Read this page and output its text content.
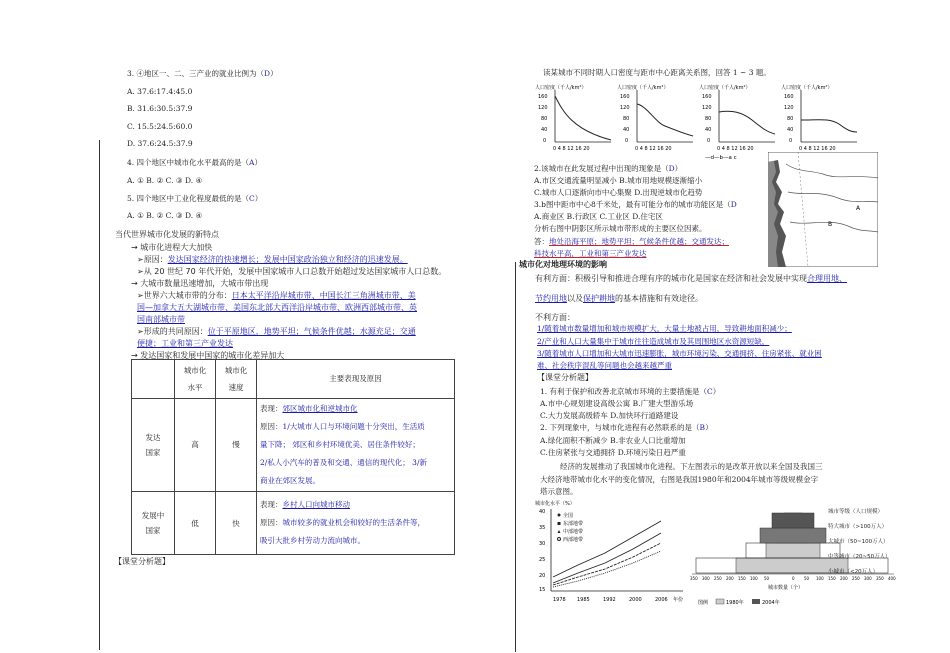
3. ④地区一、二、三产业的就业比例为（D）
A. 37.6:17.4:45.0
B. 31.6:30.5:37.9
C. 15.5:24.5:60.0
D. 37.6:24.5:37.9
4. 四个地区中城市化水平最高的是（A）
A. ① B. ② C. ③ D. ④
5. 四个地区中工业化程度最低的是（C）
A. ① B. ② C. ③ D. ④
当代世界城市化发展的新特点
→ 城市化进程大大加快
➢原因：发达国家经济的快速增长；发展中国家政治独立和经济的迅速发展。
➢从 20 世纪 70 年代开始，发展中国家城市人口总数开始超过发达国家城市人口总数。
→ 大城市数量迅速增加，大城市带出现
➢世界六大城市带的分布：日本太平洋沿岸城市带、中国长江三角洲城市带、美
国—加拿大五大湖城市带、美国东北部大西洋沿岸城市带、欧洲西部城市带、英
国南部城市带
➢形成的共同原因：位于平原地区，地势平坦；气候条件优越；水源充足；交通
便捷；工业和第三产业发达
→ 发达国家和发展中国家的城市化差异加大
	城市化
水平	城市化
速度	主要表现及原因
发达
国家	高	慢	表现：郊区城市化和逆城市化
原因：1/大城市人口与环境问题十分突出，生活质
量下降； 郊区和乡村环境优美、居住条件较好；
2/私人小汽车的普及和交通、通信的现代化； 3/新
商业在郊区发展。
发展中
国家	低	快	表现：乡村人口向城市移动
原因：城市较多的就业机会和较好的生活条件等，
吸引大批乡村劳动力流向城市。
【课堂分析题】
读某城市不同时期人口密度与距市中心距离关系图，回答 1 ~ 3 题。
人口密度（千人/km²）
160
120
80
40
0
0 4 8 12 16 20
人口密度（千人/km²）
160
120
80
40
0
0 4 8 12 16 20
人口密度（千人/km²）
160
120
80
40
0
0 4 8 12 16 20
人口密度（千人/km²）
160
120
80
40
0
0 4 8 12 16 20
—d—b—a c
B
A
2.该城市在此发展过程中出现的现象是（D）
A.市区交通流量明显减小 B.城市用地规模逐渐缩小
C.城市人口逐渐向市中心集聚 D.出现逆城市化趋势
3.b图中距市中心8千米处，最有可能分布的城市功能区是（D
A.商业区 B.行政区 C.工业区 D.住宅区
分析右图中阴影区所示城市带形成的主要区位因素。
答：地处沿海平原；地势平坦；气候条件优越；交通发达；
科技水平高，工业和第三产业发达
城市化对地理环境的影响
有利方面：积极引导和推进合理有序的城市化是国家在经济和社会发展中实现合理用地、
节约用地以及保护耕地的基本措施和有效途径。
不利方面：
1/随着城市数量增加和城市规模扩大，大量土地被占用，导致耕地面积减少；
2/产业和人口大量集中于城市往往造成城市及其周围地区水资源短缺，
3/随着城市人口增加和大城市迅速膨胀，城市环境污染、交通拥挤、住房紧张、就业困
难、社会秩序混乱等问题也会越来越严重
【课堂分析题】
1. 有利于保护和改善北京城市环境的主要措施是（C）
A.市中心规划建设高级公寓 B.广建大型游乐场
C.大力发展高级轿车 D.加快环行道路建设
2. 下列现象中，与城市化进程有必然联系的是（B）
A.绿化面积不断减少 B.非农业人口比重增加
C.住房紧张与交通拥挤 D.环境污染日趋严重
经济的发展推动了我国城市化进程。下左图表示的是改革开放以来全国及我国三
大经济地带城市化水平的变化情况，右图是我国1980年和2004年城市等级规模金字
塔示意图。
城市化水平（%）
40
35
30
25
20
15
全国
东部地带
中部地带
西部地带
1978 1985	1992	2000	2006 年份
350 300 250 200 150 100 50	0 50 100 150 200 250 300 350 400
城市数量（个）
图例	1980年	2004年
城市等级（人口规模）
特大城市（>100万人）
大城市（50~100万人）
中等城市（20~50万人）
小城市（<20万人）
